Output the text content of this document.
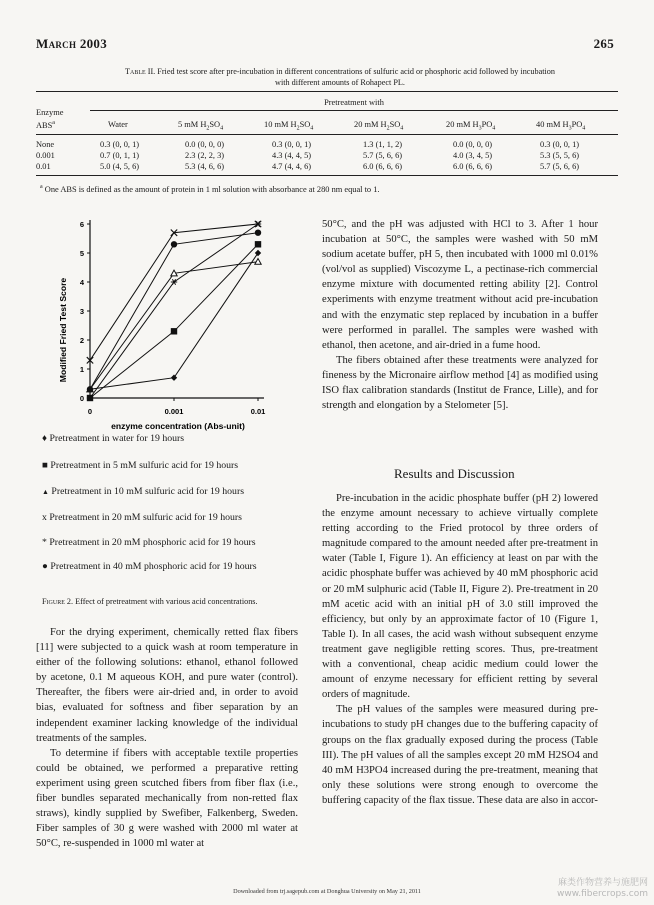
March 2003	265
Table II. Fried test score after pre-incubation in different concentrations of sulfuric acid or phosphoric acid followed by incubation
with different amounts of Rohapect PL.
Enzyme
ABS$^a$
Pretreatment with
Water	5 mM $H_2SO_4$	10 mM $H_2SO_4$	20 mM $H_2SO_4$	20 mM $H_3PO_4$	40 mM $H_3PO_4$
None	0.3 (0, 0, 1)	0.0 (0, 0, 0)	0.3 (0, 0, 1)	1.3 (1, 1, 2)	0.0 (0, 0, 0)	0.3 (0, 0, 1)
0.001	0.7 (0, 1, 1)	2.3 (2, 2, 3)	4.3 (4, 4, 5)	5.7 (5, 6, 6)	4.0 (3, 4, 5)	5.3 (5, 5, 6)
0.01	5.0 (4, 5, 6)	5.3 (4, 6, 6)	4.7 (4, 4, 6)	6.0 (6, 6, 6)	6.0 (6, 6, 6)	5.7 (5, 6, 6)
$^a$ One ABS is defined as the amount of protein in 1 ml solution with absorbance at 280 nm equal to 1.
0
1
2
3
4
5
6
0	0.001	0.01
Modified Fried Test Score
enzyme concentration (Abs-unit)
♦ Pretreatment in water for 19 hours
■ Pretreatment in 5 mM sulfuric acid for 19 hours
▲ Pretreatment in 10 mM sulfuric acid for 19 hours
x Pretreatment in 20 mM sulfuric acid for 19 hours
* Pretreatment in 20 mM phosphoric acid for 19 hours
● Pretreatment in 40 mM phosphoric acid for 19 hours
Figure 2. Effect of pretreatment with various acid concentrations.

For the drying experiment, chemically retted flax fibers [11] were subjected to a quick wash at room temperature in either of the following solutions: ethanol, ethanol followed by acetone, 0.1 M aqueous KOH, and pure water (control). Thereafter, the fibers were air-dried and, in order to avoid bias, evaluated for softness and fiber separation by an independent examiner lacking knowledge of the individual treatments of the samples.

To determine if fibers with acceptable textile properties could be obtained, we performed a preparative retting experiment using green scutched fibers from fiber flax (i.e., fiber bundles separated mechanically from non-retted flax straws), kindly supplied by Swefiber, Falkenberg, Sweden. Fiber samples of 30 g were washed with 2000 ml water at 50°C, re-suspended in 1000 ml water at

50°C, and the pH was adjusted with HCl to 3. After 1 hour incubation at 50°C, the samples were washed with 50 mM sodium acetate buffer, pH 5, then incubated with 1000 ml 0.01% (vol/vol as supplied) Viscozyme L, a pectinase-rich commercial enzyme mixture with documented retting ability [2]. Control experiments with enzyme treatment without acid pre-incubation and with the enzymatic step replaced by incubation in a buffer were performed in parallel. The samples were washed with ethanol, then acetone, and air-dried in a fume hood.

The fibers obtained after these treatments were analyzed for fineness by the Micronaire airflow method [4] as modified using ISO flax calibration standards (Institut de France, Lille), and for strength and elongation by a Stelometer [5].

Results and Discussion

Pre-incubation in the acidic phosphate buffer (pH 2) lowered the enzyme amount necessary to achieve virtually complete retting according to the Fried protocol by three orders of magnitude compared to the amount needed after pre-treatment in water (Table I, Figure 1). An efficiency at least on par with the acidic phosphate buffer was achieved by 40 mM phosphoric acid or 20 mM sulphuric acid (Table II, Figure 2). Pre-treatment in 20 mM acetic acid with an initial pH of 3.0 still improved the efficiency, but only by an approximate factor of 10 (Figure 1, Table I). In all cases, the acid wash without subsequent enzyme treatment gave negligible retting scores. Thus, pre-treatment with a conventional, cheap acidic medium could lower the amount of enzyme necessary for efficient retting by several orders of magnitude.

The pH values of the samples were measured during pre-incubations to study pH changes due to the buffering capacity of groups on the flax gradually exposed during the process (Table III). The pH values of all the samples except 20 mM H2SO4 and 40 mM H3PO4 increased during the pre-treatment, meaning that only these solutions were strong enough to overcome the buffering capacity of the flax tissue. These data are also in accor-

Downloaded from trj.sagepub.com at Donghua University on May 21, 2011
麻类作物营养与施肥网
www.fibercrops.com
